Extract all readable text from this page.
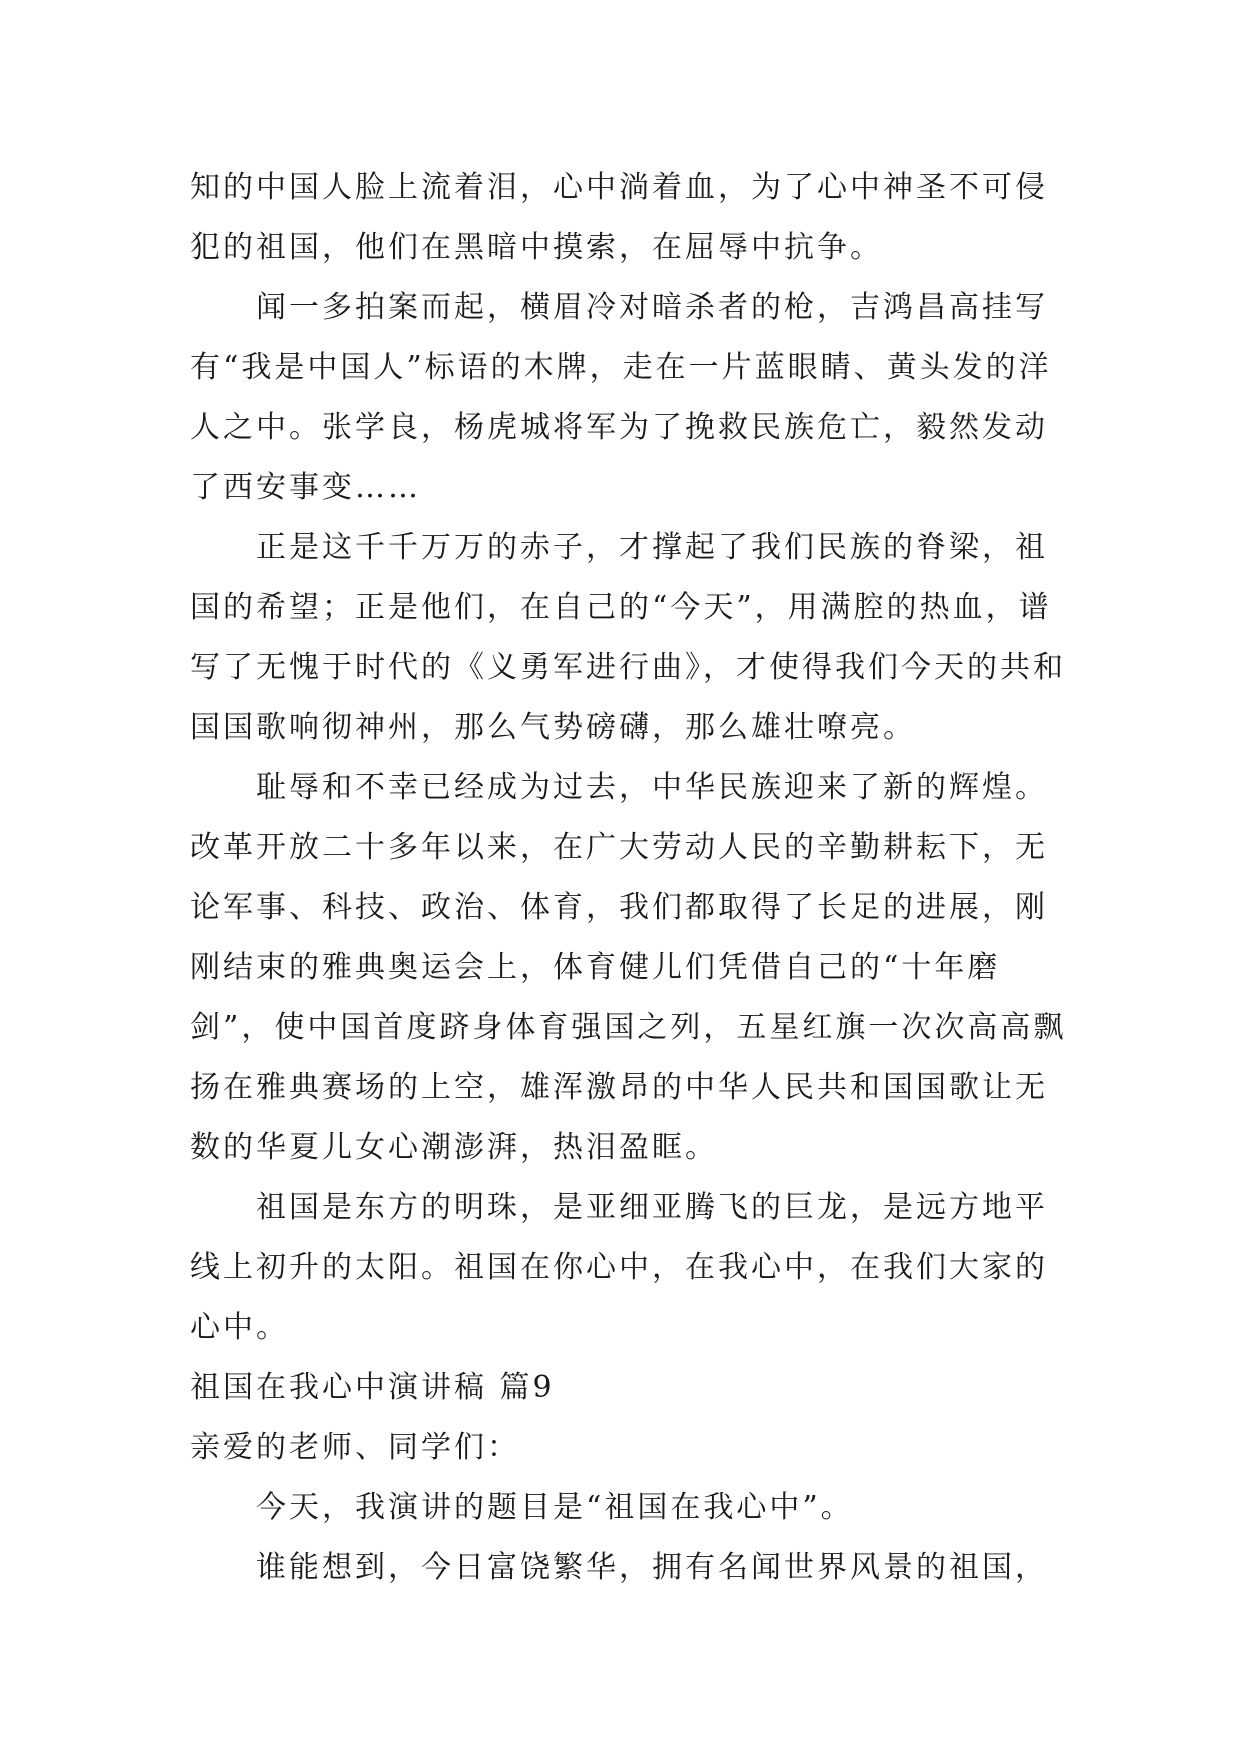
知的中国人脸上流着泪，心中淌着血，为了心中神圣不可侵犯的祖国，他们在黑暗中摸索，在屈辱中抗争。

闻一多拍案而起，横眉冷对暗杀者的枪，吉鸿昌高挂写有“我是中国人”标语的木牌，走在一片蓝眼睛、黄头发的洋人之中。张学良，杨虎城将军为了挽救民族危亡，毅然发动了西安事变……

正是这千千万万的赤子，才撑起了我们民族的脊梁，祖国的希望；正是他们，在自己的“今天”，用满腔的热血，谱写了无愧于时代的《义勇军进行曲》，才使得我们今天的共和国国歌响彻神州，那么气势磅礴，那么雄壮嘹亮。

耻辱和不幸已经成为过去，中华民族迎来了新的辉煌。改革开放二十多年以来，在广大劳动人民的辛勤耕耘下，无论军事、科技、政治、体育，我们都取得了长足的进展，刚刚结束的雅典奥运会上，体育健儿们凭借自己的“十年磨剑”，使中国首度跻身体育强国之列，五星红旗一次次高高飘扬在雅典赛场的上空，雄浑激昂的中华人民共和国国歌让无数的华夏儿女心潮澎湃，热泪盈眶。

祖国是东方的明珠，是亚细亚腾飞的巨龙，是远方地平线上初升的太阳。祖国在你心中，在我心中，在我们大家的心中。

祖国在我心中演讲稿 篇9

亲爱的老师、同学们：

今天，我演讲的题目是“祖国在我心中”。

谁能想到，今日富饶繁华，拥有名闻世界风景的祖国，
